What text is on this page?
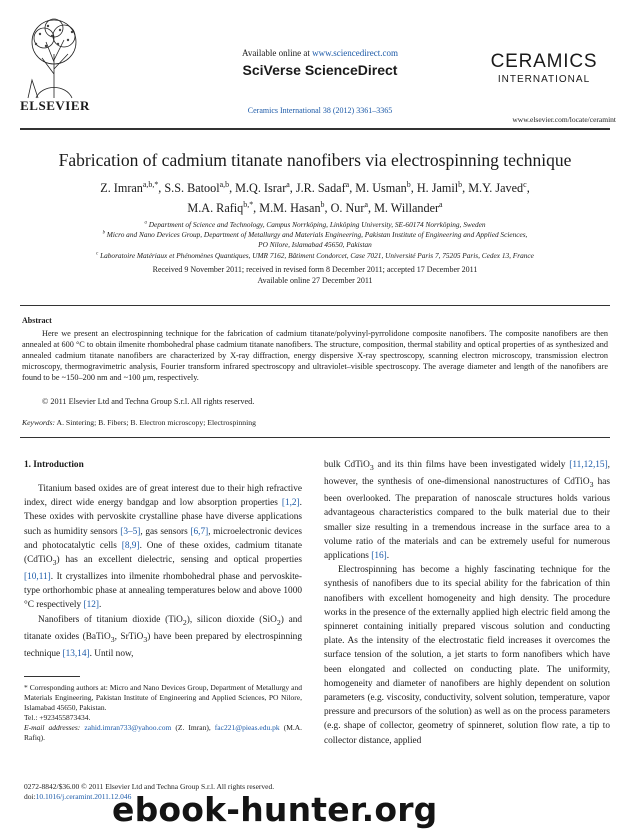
ELSEVIER
Available online at www.sciencedirect.com
SciVerse ScienceDirect
Ceramics International 38 (2012) 3361–3365
CERAMICS
INTERNATIONAL
www.elsevier.com/locate/ceramint
Fabrication of cadmium titanate nanofibers via electrospinning technique
Z. Imran$^{a,b,*}$, S.S. Batool$^{a,b}$, M.Q. Israr$^a$, J.R. Sadaf$^a$, M. Usman$^b$, H. Jamil$^b$, M.Y. Javed$^c$,
M.A. Rafiq$^{b,*}$, M.M. Hasan$^b$, O. Nur$^a$, M. Willander$^a$
$^a$ Department of Science and Technology, Campus Norrköping, Linköping University, SE-60174 Norrköping, Sweden
$^b$ Micro and Nano Devices Group, Department of Metallurgy and Materials Engineering, Pakistan Institute of Engineering and Applied Sciences,
PO Nilore, Islamabad 45650, Pakistan
$^c$ Laboratoire Matériaux et Phénomènes Quantiques, UMR 7162, Bâtiment Condorcet, Case 7021, Université Paris 7, 75205 Paris, Cedex 13, France
Received 9 November 2011; received in revised form 8 December 2011; accepted 17 December 2011
Available online 27 December 2011
Abstract
Here we present an electrospinning technique for the fabrication of cadmium titanate/polyvinyl-pyrrolidone composite nanofibers. The composite nanofibers are then annealed at 600 °C to obtain ilmenite rhombohedral phase cadmium titanate nanofibers. The structure, composition, thermal stability and optical properties of as synthesized and annealed cadmium titanate nanofibers are characterized by X-ray diffraction, energy dispersive X-ray spectroscopy, scanning electron microscopy, transmission electron microscopy, thermogravimetric analysis, Fourier transform infrared spectroscopy and ultraviolet–visible spectroscopy. The average diameter and length of the nanofibers are found to be ~150–200 nm and ~100 μm, respectively.
© 2011 Elsevier Ltd and Techna Group S.r.l. All rights reserved.
Keywords: A. Sintering; B. Fibers; B. Electron microscopy; Electrospinning
1. Introduction

Titanium based oxides are of great interest due to their high refractive index, direct wide energy bandgap and low absorption properties [1,2]. These oxides with pervoskite crystalline phase have diverse applications such as humidity sensors [3–5], gas sensors [6,7], microelectronic devices and photocatalytic cells [8,9]. One of these oxides, cadmium titanate (CdTiO$_3$) has an excellent dielectric, sensing and optical properties [10,11]. It crystallizes into ilmenite rhombohedral phase and pervoskite-type orthorhombic phase at annealing temperatures below and above 1000 °C respectively [12].

Nanofibers of titanium dioxide (TiO$_2$), silicon dioxide (SiO$_2$) and titanate oxides (BaTiO$_3$, SrTiO$_3$) have been prepared by electrospinning technique [13,14]. Until now,

bulk CdTiO$_3$ and its thin films have been investigated widely [11,12,15], however, the synthesis of one-dimensional nanostructures of CdTiO$_3$ has been overlooked. The preparation of nanoscale structures holds various advantageous characteristics compared to the bulk material due to their smaller size resulting in a tremendous increase in the surface area to a volume ratio of the materials and can be extremely useful for numerous applications [16].

Electrospinning has become a highly fascinating technique for the synthesis of nanofibers due to its special ability for the fabrication of thin nanofibers with excellent homogeneity and high density. The procedure works in the presence of the externally applied high electric field among the spinneret containing initially prepared viscous solution and conducting plate. As the intensity of the electrostatic field increases it overcomes the surface tension of the solution, a jet starts to form nanofibers which have been elongated and collected on conducting plate. The uniformity, homogeneity and diameter of nanofibers are highly dependent on solution parameters (e.g. viscosity, conductivity, solvent solution, temperature, vapor pressure and precursors of the solution) as well as on the process parameters (e.g. shape of collector, geometry of spinneret, solution flow rate, a tip to collector distance, applied

* Corresponding authors at: Micro and Nano Devices Group, Department of Metallurgy and Materials Engineering, Pakistan Institute of Engineering and Applied Sciences, PO Nilore, Islamabad 45650, Pakistan.
Tel.: +923455873434.
E-mail addresses: zahid.imran733@yahoo.com (Z. Imran), fac221@pieas.edu.pk (M.A. Rafiq).
0272-8842/$36.00 © 2011 Elsevier Ltd and Techna Group S.r.l. All rights reserved.
doi:10.1016/j.ceramint.2011.12.046
ebook-hunter.org
